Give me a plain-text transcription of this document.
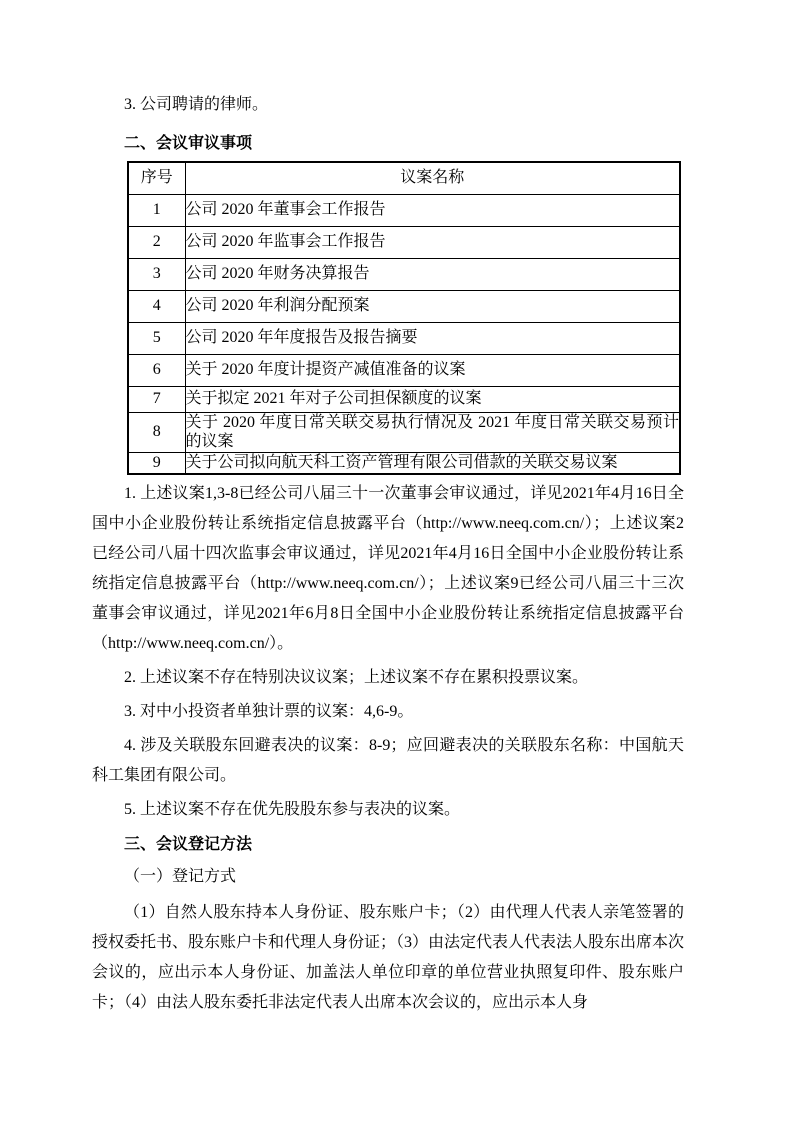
3. 公司聘请的律师。

二、会议审议事项

序号	议案名称
1	公司 2020 年董事会工作报告
2	公司 2020 年监事会工作报告
3	公司 2020 年财务决算报告
4	公司 2020 年利润分配预案
5	公司 2020 年年度报告及报告摘要
6	关于 2020 年度计提资产减值准备的议案
7	关于拟定 2021 年对子公司担保额度的议案
8	关于 2020 年度日常关联交易执行情况及 2021 年度日常关联交易预计的议案
9	关于公司拟向航天科工资产管理有限公司借款的关联交易议案

1. 上述议案1,3-8已经公司八届三十一次董事会审议通过，详见2021年4月16日全国中小企业股份转让系统指定信息披露平台（http://www.neeq.com.cn/）；上述议案2已经公司八届十四次监事会审议通过，详见2021年4月16日全国中小企业股份转让系统指定信息披露平台（http://www.neeq.com.cn/）；上述议案9已经公司八届三十三次董事会审议通过，详见2021年6月8日全国中小企业股份转让系统指定信息披露平台（http://www.neeq.com.cn/）。

2. 上述议案不存在特别决议议案；上述议案不存在累积投票议案。

3. 对中小投资者单独计票的议案：4,6-9。

4. 涉及关联股东回避表决的议案：8-9；应回避表决的关联股东名称：中国航天科工集团有限公司。

5. 上述议案不存在优先股股东参与表决的议案。

三、会议登记方法

（一）登记方式

（1）自然人股东持本人身份证、股东账户卡；（2）由代理人代表人亲笔签署的授权委托书、股东账户卡和代理人身份证；（3）由法定代表人代表法人股东出席本次会议的，应出示本人身份证、加盖法人单位印章的单位营业执照复印件、股东账户卡；（4）由法人股东委托非法定代表人出席本次会议的，应出示本人身
